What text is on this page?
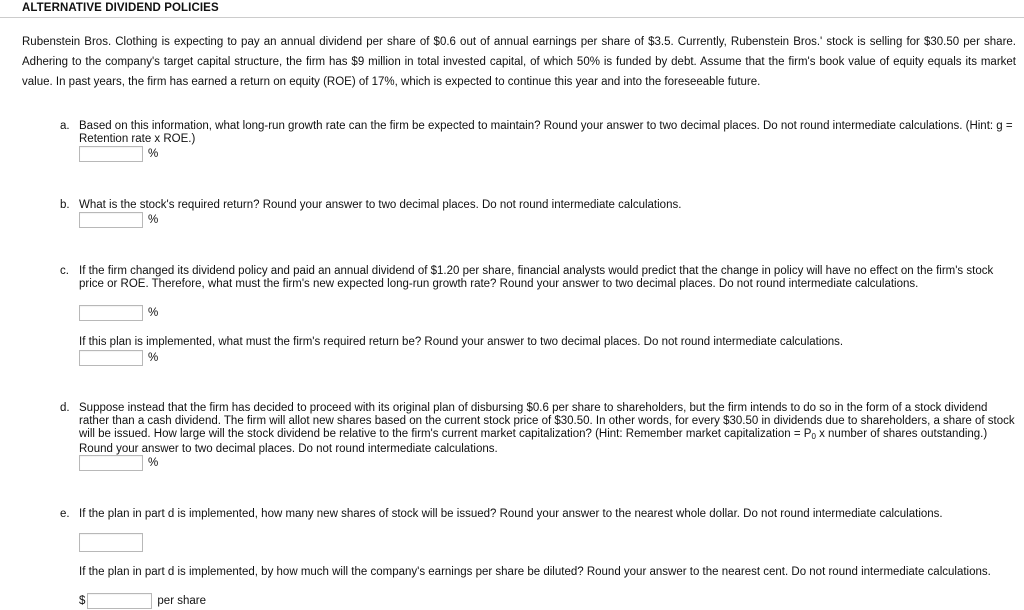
ALTERNATIVE DIVIDEND POLICIES
Rubenstein Bros. Clothing is expecting to pay an annual dividend per share of $0.6 out of annual earnings per share of $3.5. Currently, Rubenstein Bros.' stock is selling for $30.50 per share. Adhering to the company's target capital structure, the firm has $9 million in total invested capital, of which 50% is funded by debt. Assume that the firm's book value of equity equals its market value. In past years, the firm has earned a return on equity (ROE) of 17%, which is expected to continue this year and into the foreseeable future.
a. Based on this information, what long-run growth rate can the firm be expected to maintain? Round your answer to two decimal places. Do not round intermediate calculations. (Hint: g = Retention rate x ROE.)
%
b. What is the stock's required return? Round your answer to two decimal places. Do not round intermediate calculations.
%
c. If the firm changed its dividend policy and paid an annual dividend of $1.20 per share, financial analysts would predict that the change in policy will have no effect on the firm's stock price or ROE. Therefore, what must the firm's new expected long-run growth rate? Round your answer to two decimal places. Do not round intermediate calculations.
%
If this plan is implemented, what must the firm's required return be? Round your answer to two decimal places. Do not round intermediate calculations.
%
d. Suppose instead that the firm has decided to proceed with its original plan of disbursing $0.6 per share to shareholders, but the firm intends to do so in the form of a stock dividend rather than a cash dividend. The firm will allot new shares based on the current stock price of $30.50. In other words, for every $30.50 in dividends due to shareholders, a share of stock will be issued. How large will the stock dividend be relative to the firm's current market capitalization? (Hint: Remember market capitalization = P0 x number of shares outstanding.) Round your answer to two decimal places. Do not round intermediate calculations.
%
e. If the plan in part d is implemented, how many new shares of stock will be issued? Round your answer to the nearest whole dollar. Do not round intermediate calculations.
If the plan in part d is implemented, by how much will the company's earnings per share be diluted? Round your answer to the nearest cent. Do not round intermediate calculations.
$	per share
